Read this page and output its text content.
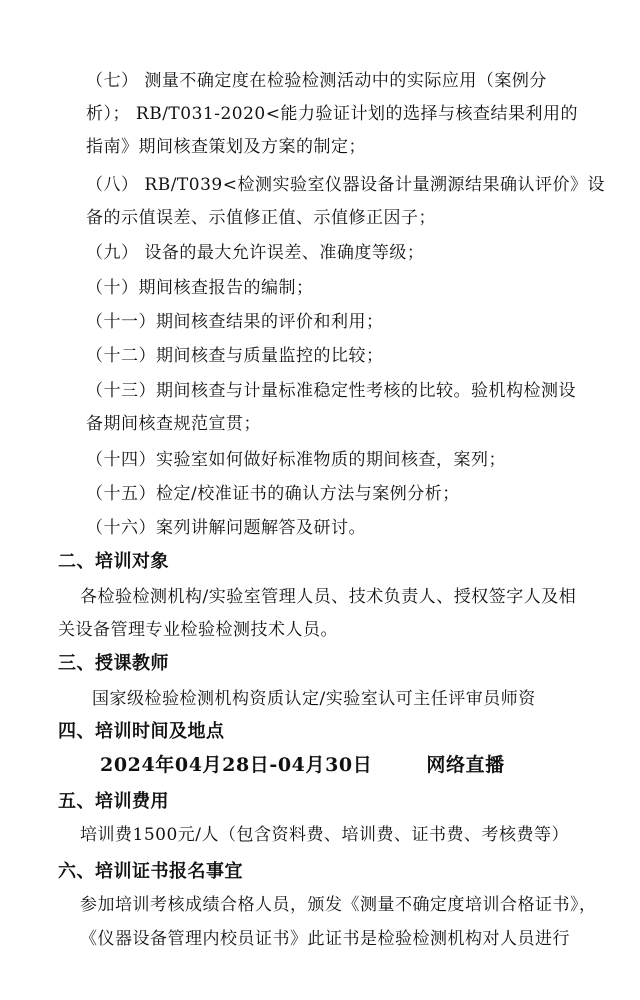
（七） 测量不确定度在检验检测活动中的实际应用（案例分
析）； RB/T031-2020<能力验证计划的选择与核查结果利用的
指南》期间核查策划及方案的制定；
（八） RB/T039<检测实验室仪器设备计量溯源结果确认评价》设
备的示值误差、示值修正值、示值修正因子；
（九） 设备的最大允许误差、准确度等级；
（十）期间核查报告的编制；
（十一）期间核查结果的评价和利用；
（十二）期间核查与质量监控的比较；
（十三）期间核查与计量标准稳定性考核的比较。验机构检测设
备期间核查规范宣贯；
（十四）实验室如何做好标准物质的期间核查，案列；
（十五）检定/校准证书的确认方法与案例分析；
（十六）案列讲解问题解答及研讨。
二、培训对象
各检验检测机构/实验室管理人员、技术负责人、授权签字人及相
关设备管理专业检验检测技术人员。
三、授课教师
国家级检验检测机构资质认定/实验室认可主任评审员师资
四、培训时间及地点
2024年04月28日-04月30日	网络直播
五、培训费用
培训费1500元/人（包含资料费、培训费、证书费、考核费等）
六、培训证书报名事宜
参加培训考核成绩合格人员，颁发《测量不确定度培训合格证书》，
《仪器设备管理内校员证书》此证书是检验检测机构对人员进行
